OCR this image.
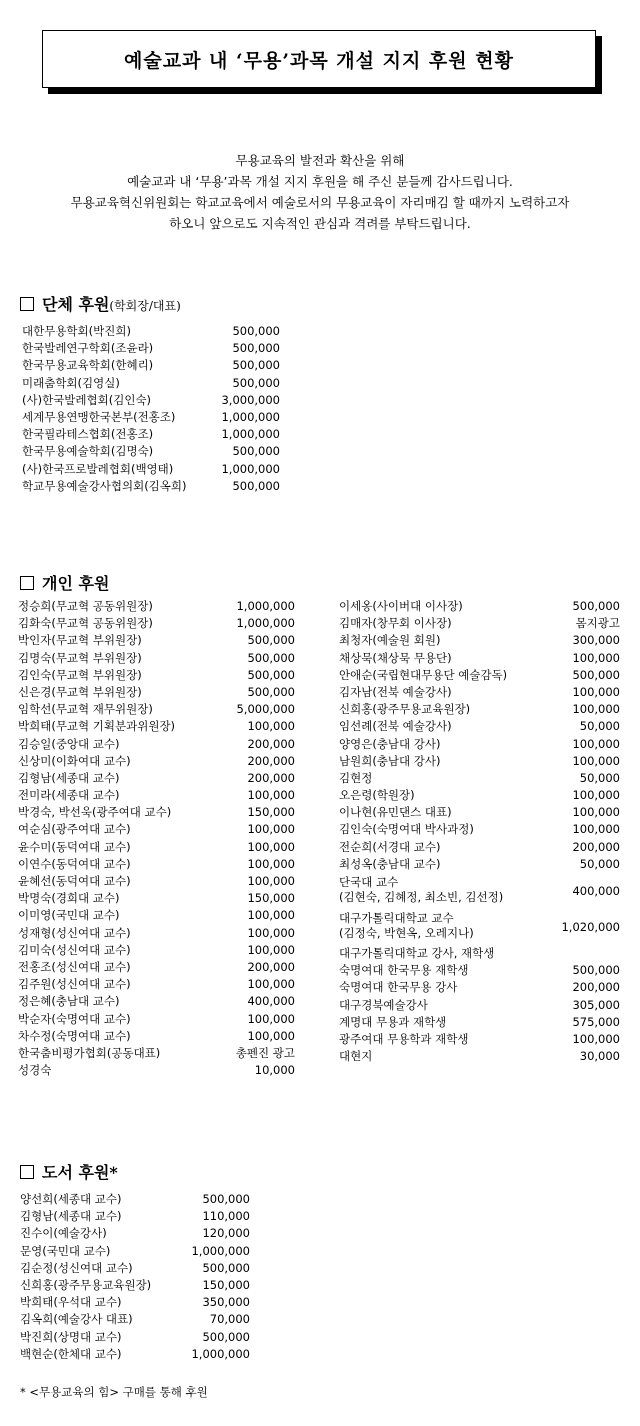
예술교과 내 ‘무용’과목 개설 지지 후원 현황
무용교육의 발전과 확산을 위해
예술교과 내 ‘무용’과목 개설 지지 후원을 해 주신 분들께 감사드립니다.
무용교육혁신위원회는 학교교육에서 예술로서의 무용교육이 자리매김 할 때까지 노력하고자
하오니 앞으로도 지속적인 관심과 격려를 부탁드립니다.
단체 후원(학회장/대표)
대한무용학회(박진희)	500,000
한국발레연구학회(조윤라)	500,000
한국무용교육학회(한혜리)	500,000
미래춤학회(김영실)	500,000
(사)한국발레협회(김인숙)	3,000,000
세계무용연맹한국본부(전홍조)	1,000,000
한국필라테스협회(전홍조)	1,000,000
한국무용예술학회(김명숙)	500,000
(사)한국프로발레협회(백영태)	1,000,000
학교무용예술강사협의회(김옥희)	500,000
개인 후원
정승희(무교혁 공동위원장)	1,000,000
김화숙(무교혁 공동위원장)	1,000,000
박인자(무교혁 부위원장)	500,000
김명숙(무교혁 부위원장)	500,000
김인숙(무교혁 부위원장)	500,000
신은경(무교혁 부위원장)	500,000
임학선(무교혁 재무위원장)	5,000,000
박희태(무교혁 기획분과위원장)	100,000
김승일(중앙대 교수)	200,000
신상미(이화여대 교수)	200,000
김형남(세종대 교수)	200,000
전미라(세종대 교수)	100,000
박경숙, 박선욱(광주여대 교수)	150,000
여순심(광주여대 교수)	100,000
윤수미(동덕여대 교수)	100,000
이연수(동덕여대 교수)	100,000
윤혜선(동덕여대 교수)	100,000
박명숙(경희대 교수)	150,000
이미영(국민대 교수)	100,000
성재형(성신여대 교수)	100,000
김미숙(성신여대 교수)	100,000
전홍조(성신여대 교수)	200,000
김주원(성신여대 교수)	100,000
정은혜(충남대 교수)	400,000
박순자(숙명여대 교수)	100,000
차수정(숙명여대 교수)	100,000
한국춤비평가협회(공동대표)	총펜진 광고
성경숙	10,000
이세옹(사이버대 이사장)	500,000
김매자(창무회 이사장)	몸지광고
최청자(예술원 회원)	300,000
채상묵(채상묵 무용단)	100,000
안애순(국립현대무용단 예술감독)	500,000
김자남(전북 예술강사)	100,000
신희홍(광주무용교육원장)	100,000
임선례(전북 예술강사)	50,000
양영은(충남대 강사)	100,000
남원희(충남대 강사)	100,000
김현정	50,000
오은령(학원장)	100,000
이나현(유민댄스 대표)	100,000
김인숙(숙명여대 박사과정)	100,000
전순희(서경대 교수)	200,000
최성옥(충남대 교수)	50,000
단국대 교수
(김현숙, 김혜정, 최소빈, 김선정)	400,000
대구가톨릭대학교 교수
(김정숙, 박현옥, 오레지나)	1,020,000
대구가톨릭대학교 강사, 재학생
숙명여대 한국무용 재학생	500,000
숙명여대 한국무용 강사	200,000
대구경북예술강사	305,000
계명대 무용과 재학생	575,000
광주여대 무용학과 재학생	100,000
대현지	30,000
도서 후원*
양선희(세종대 교수)	500,000
김형남(세종대 교수)	110,000
진수이(예술강사)	120,000
문영(국민대 교수)	1,000,000
김순정(성신여대 교수)	500,000
신희홍(광주무용교육원장)	150,000
박희태(우석대 교수)	350,000
김옥희(예술강사 대표)	70,000
박진희(상명대 교수)	500,000
백현순(한체대 교수)	1,000,000
* <무용교육의 힘> 구매를 통해 후원
